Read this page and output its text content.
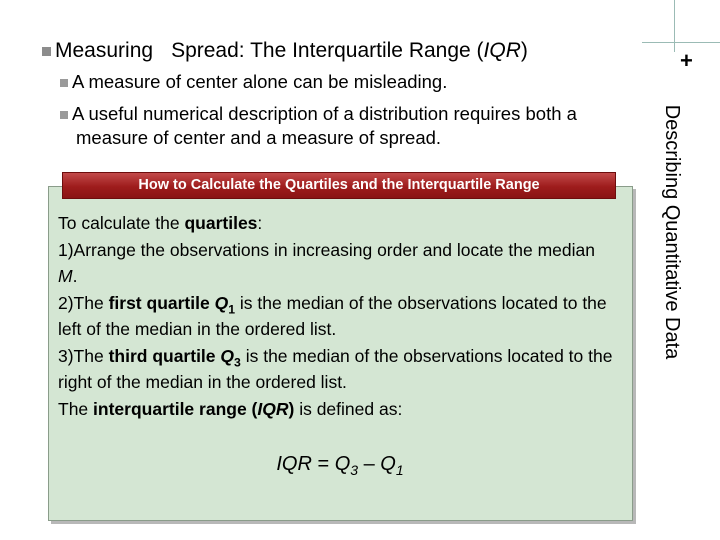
+
Describing Quantitative Data
Measuring Spread: The Interquartile Range (IQR)
A measure of center alone can be misleading.
A useful numerical description of a distribution requires both a
measure of center and a measure of spread.
How to Calculate the Quartiles and the Interquartile Range

To calculate the quartiles:

1)Arrange the observations in increasing order and locate the median M.

2)The first quartile $Q_1$ is the median of the observations located to the left of the median in the ordered list.

3)The third quartile $Q_3$ is the median of the observations located to the right of the median in the ordered list.

The interquartile range (IQR) is defined as:

IQR = $Q_3 - Q_1$
